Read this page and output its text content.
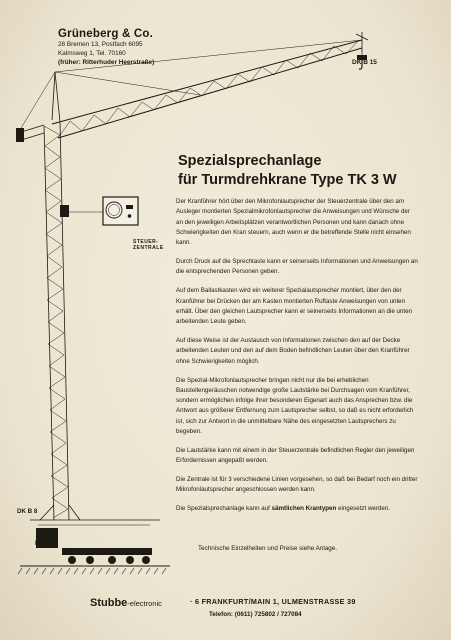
Grüneberg & Co.
28 Bremen 13, Postfach 6095
Kalmsweg 1, Tel. 70160
(früher: Ritterhuder Heerstraße)	DK B 15
STEUER-
ZENTRALE
DK B 8
RW
Spezialsprechanlage
für Turmdrehkrane Type TK 3 W

Der Kranführer hört über den Mikrofonlautsprecher der Steuerzentrale über den am Ausleger montierten Spezialmikrofonlautsprecher die Anweisungen und Wünsche der an den jeweiligen Arbeitsplätzen verantwortlichen Personen und kann danach ohne Schwierigkeiten den Kran steuern, auch wenn er die betreffende Stelle nicht einsehen kann.

Durch Druck auf die Sprechtaste kann er seinerseits Informationen und Anweisungen an die entsprechenden Personen geben.

Auf dem Ballastkasten wird ein weiterer Spezialautsprecher montiert, über den der Kranführer bei Drücken der am Kasten montierten Ruftaste Anweisungen von unten erhält. Über den gleichen Lautsprecher kann er seinerseits Informationen an die unten arbeitenden Leute geben.

Auf diese Weise ist der Austausch von Informationen zwischen den auf der Decke arbeitenden Leuten und den auf dem Boden befindlichen Leuten über den Kranführer ohne Schwierigkeiten möglich.

Die Spezial-Mikrofonlautsprecher bringen nicht nur die bei erheblichen Baustellengeräuschen notwendige große Lautstärke bei Durchsagen vom Kranführer, sondern ermöglichen infolge ihrer besonderen Eigenart auch das Ansprechen bzw. die Antwort aus größerer Entfernung zum Lautsprecher selbst, so daß es nicht erforderlich ist, sich zur Antwort in die unmittelbare Nähe des eingesetzten Lautsprechers zu begeben.

Die Lautstärke kann mit einem in der Steuerzentrale befindlichen Regler den jeweiligen Erfordernissen angepaßt werden.

Die Zentrale ist für 3 verschiedene Linien vorgesehen, so daß bei Bedarf noch ein dritter Mikrofonlautsprecher angeschlossen werden kann.

Die Spezialsprechanlage kann auf sämtlichen Krantypen eingesetzt werden.

Technische Einzelheiten und Preise siehe Anlage.
Stubbe-electronic	· 6 FRANKFURT/MAIN 1, ULMENSTRASSE 39
Telefon: (0611) 725802 / 727084
